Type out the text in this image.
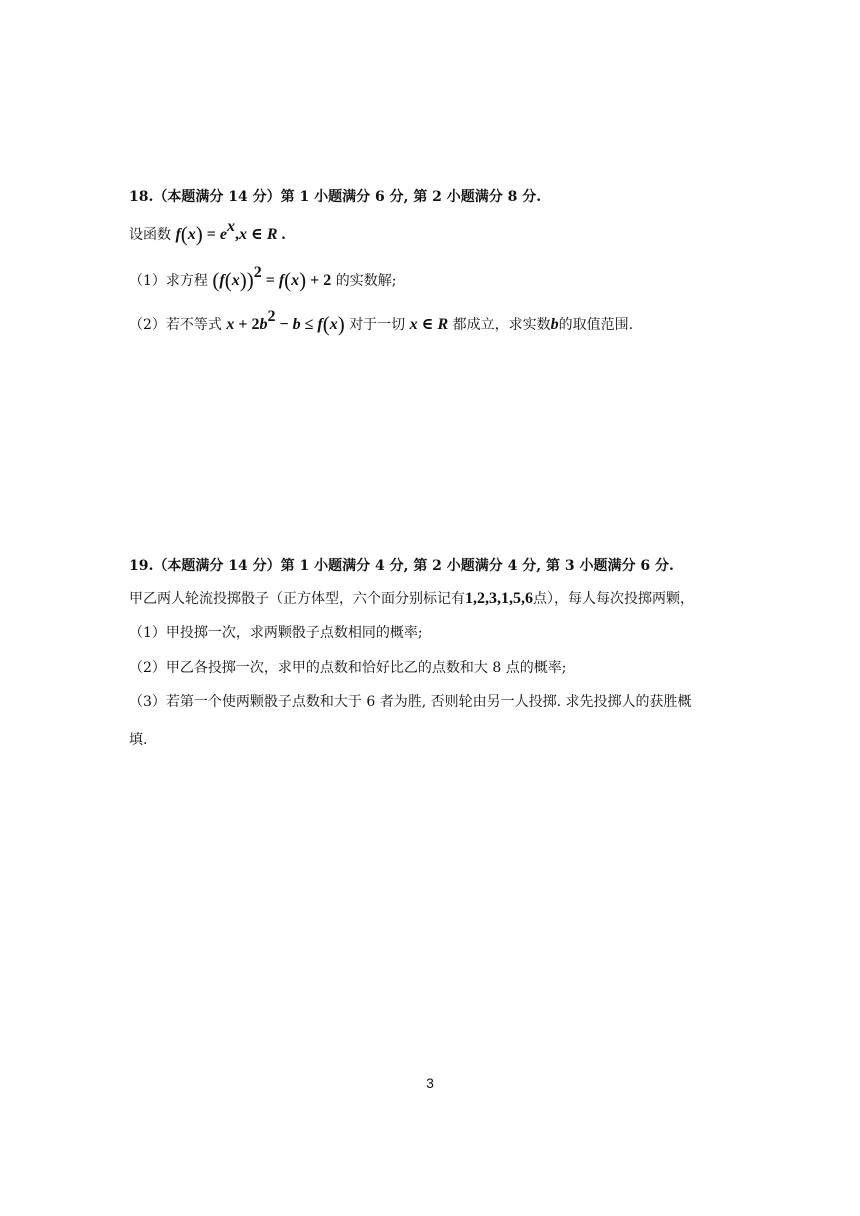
18.（本题满分 14 分）第 1 小题满分 6 分, 第 2 小题满分 8 分.
设函数 $f(x) = e^x,x$ ∈ R .
（1）求方程 $(f(x))^2 = f(x) + 2$ 的实数解;
（2）若不等式 $x + 2b^2 - b \le f(x)$ 对于一切 x ∈ R 都成立，求实数b的取值范围.
19.（本题满分 14 分）第 1 小题满分 4 分, 第 2 小题满分 4 分, 第 3 小题满分 6 分.
甲乙两人轮流投掷骰子（正方体型，六个面分别标记有1,2,3,1,5,6点），每人每次投掷两颗，
（1）甲投掷一次，求两颗骰子点数相同的概率;
（2）甲乙各投掷一次，求甲的点数和恰好比乙的点数和大 8 点的概率;
（3）若第一个使两颗骰子点数和大于 6 者为胜, 否则轮由另一人投掷. 求先投掷人的获胜概
填.
3
